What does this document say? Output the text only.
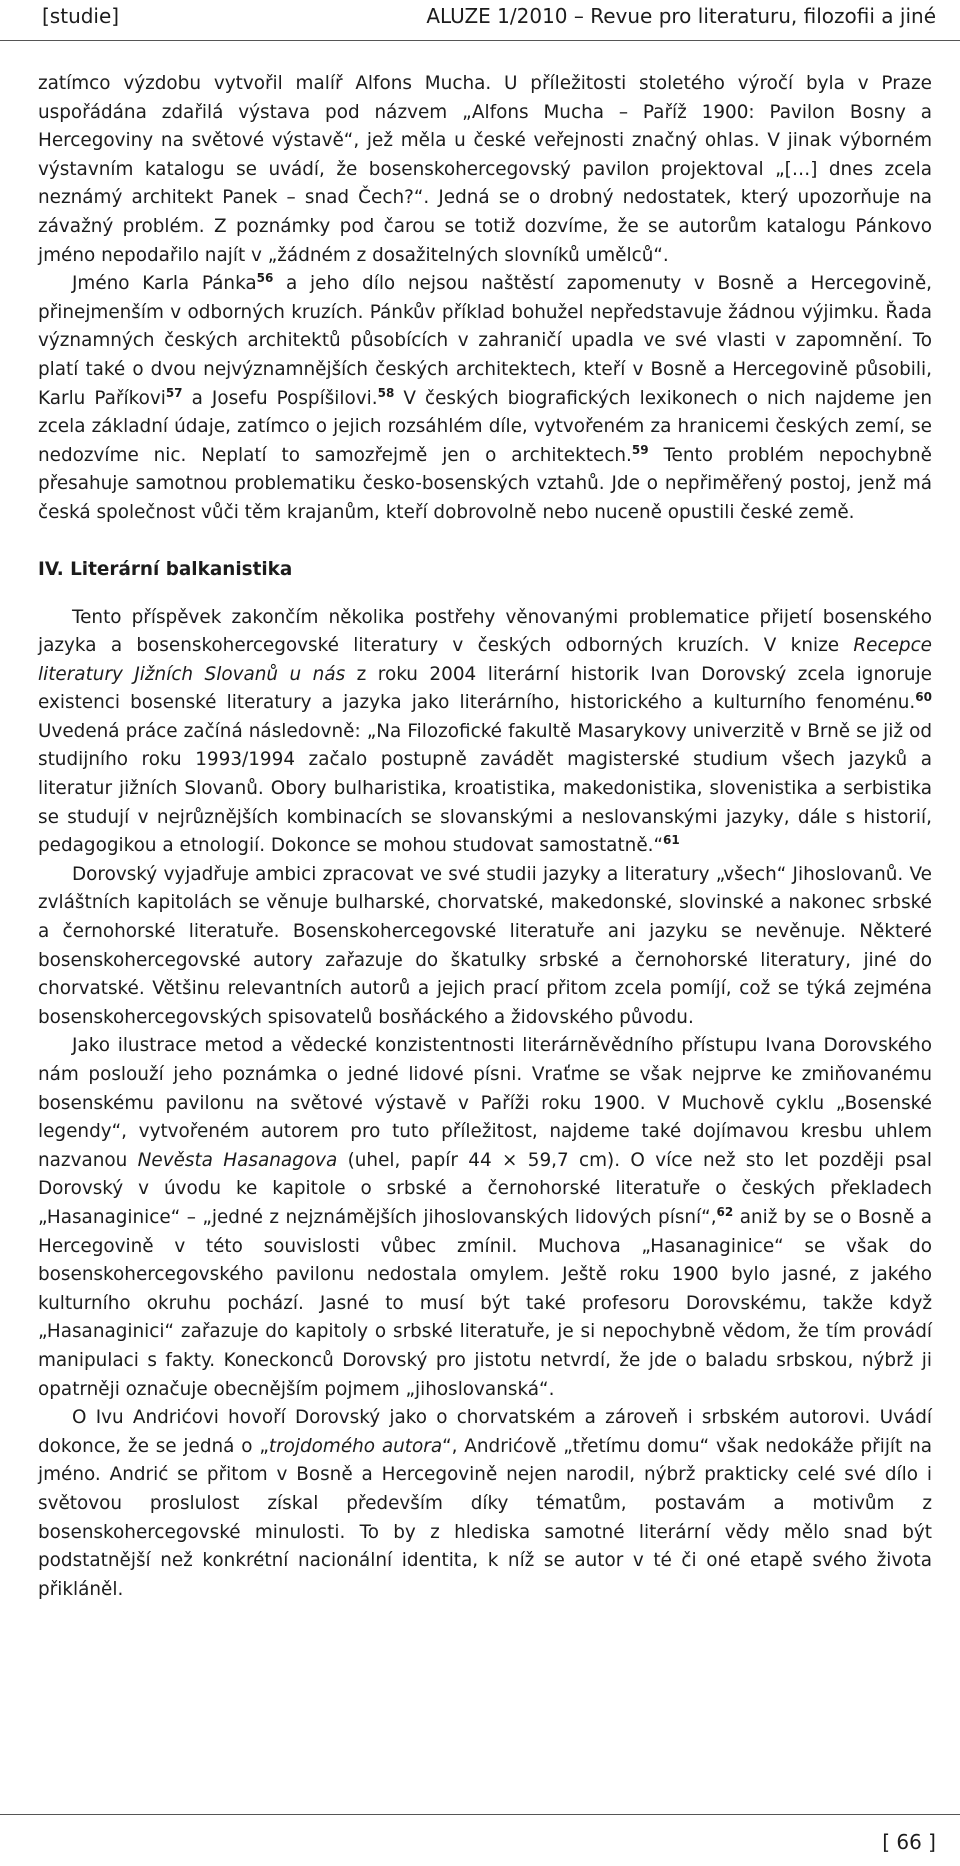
[studie]	ALUZE 1/2010 – Revue pro literaturu, filozofii a jiné

zatímco výzdobu vytvořil malíř Alfons Mucha. U příležitosti stoletého výročí byla v Praze uspořádána zdařilá výstava pod názvem „Alfons Mucha – Paříž 1900: Pavilon Bosny a Hercegoviny na světové výstavě“, jež měla u české veřejnosti značný ohlas. V jinak výborném výstavním katalogu se uvádí, že bosenskohercegovský pavilon projektoval „[…] dnes zcela neznámý architekt Panek – snad Čech?“. Jedná se o drobný nedostatek, který upozorňuje na závažný problém. Z poznámky pod čarou se totiž dozvíme, že se autorům katalogu Pánkovo jméno nepodařilo najít v „žádném z dosažitelných slovníků umělců“.

Jméno Karla Pánka$^{56}$ a jeho dílo nejsou naštěstí zapomenuty v Bosně a Hercegovině, přinejmenším v odborných kruzích. Pánkův příklad bohužel nepředstavuje žádnou výjimku. Řada významných českých architektů působících v zahraničí upadla ve své vlasti v zapomnění. To platí také o dvou nejvýznamnějších českých architektech, kteří v Bosně a Hercegovině působili, Karlu Paříkovi$^{57}$ a Josefu Pospíšilovi.$^{58}$ V českých biografických lexikonech o nich najdeme jen zcela základní údaje, zatímco o jejich rozsáhlém díle, vytvořeném za hranicemi českých zemí, se nedozvíme nic. Neplatí to samozřejmě jen o architektech.$^{59}$ Tento problém nepochybně přesahuje samotnou problematiku česko-bosenských vztahů. Jde o nepřiměřený postoj, jenž má česká společnost vůči těm krajanům, kteří dobrovolně nebo nuceně opustili české země.

IV. Literární balkanistika

Tento příspěvek zakončím několika postřehy věnovanými problematice přijetí bosenského jazyka a bosenskohercegovské literatury v českých odborných kruzích. V knize Recepce literatury Jižních Slovanů u nás z roku 2004 literární historik Ivan Dorovský zcela ignoruje existenci bosenské literatury a jazyka jako literárního, historického a kulturního fenoménu.$^{60}$ Uvedená práce začíná následovně: „Na Filozofické fakultě Masarykovy univerzitě v Brně se již od studijního roku 1993/1994 začalo postupně zavádět magisterské studium všech jazyků a literatur jižních Slovanů. Obory bulharistika, kroatistika, makedonistika, slovenistika a serbistika se studují v nejrůznějších kombinacích se slovanskými a neslovanskými jazyky, dále s historií, pedagogikou a etnologií. Dokonce se mohou studovat samostatně.“$^{61}$

Dorovský vyjadřuje ambici zpracovat ve své studii jazyky a literatury „všech“ Jihoslovanů. Ve zvláštních kapitolách se věnuje bulharské, chorvatské, makedonské, slovinské a nakonec srbské a černohorské literatuře. Bosenskohercegovské literatuře ani jazyku se nevěnuje. Některé bosenskohercegovské autory zařazuje do škatulky srbské a černohorské literatury, jiné do chorvatské. Většinu relevantních autorů a jejich prací přitom zcela pomíjí, což se týká zejména bosenskohercegovských spisovatelů bosňáckého a židovského původu.

Jako ilustrace metod a vědecké konzistentnosti literárněvědního přístupu Ivana Dorovského nám poslouží jeho poznámka o jedné lidové písni. Vraťme se však nejprve ke zmiňovanému bosenskému pavilonu na světové výstavě v Paříži roku 1900. V Muchově cyklu „Bosenské legendy“, vytvořeném autorem pro tuto příležitost, najdeme také dojímavou kresbu uhlem nazvanou Nevěsta Hasanagova (uhel, papír 44 × 59,7 cm). O více než sto let později psal Dorovský v úvodu ke kapitole o srbské a černohorské literatuře o českých překladech „Hasanaginice“ – „jedné z nejznámějších jihoslovanských lidových písní“,$^{62}$ aniž by se o Bosně a Hercegovině v této souvislosti vůbec zmínil. Muchova „Hasanaginice“ se však do bosenskohercegovského pavilonu nedostala omylem. Ještě roku 1900 bylo jasné, z jakého kulturního okruhu pochází. Jasné to musí být také profesoru Dorovskému, takže když „Hasanaginici“ zařazuje do kapitoly o srbské literatuře, je si nepochybně vědom, že tím provádí manipulaci s fakty. Koneckonců Dorovský pro jistotu netvrdí, že jde o baladu srbskou, nýbrž ji opatrněji označuje obecnějším pojmem „jihoslovanská“.

O Ivu Andrićovi hovoří Dorovský jako o chorvatském a zároveň i srbském autorovi. Uvádí dokonce, že se jedná o „trojdomého autora“, Andrićově „třetímu domu“ však nedokáže přijít na jméno. Andrić se přitom v Bosně a Hercegovině nejen narodil, nýbrž prakticky celé své dílo i světovou proslulost získal především díky tématům, postavám a motivům z bosenskohercegovské minulosti. To by z hlediska samotné literární vědy mělo snad být podstatnější než konkrétní nacionální identita, k níž se autor v té či oné etapě svého života přikláněl.

[ 66 ]
